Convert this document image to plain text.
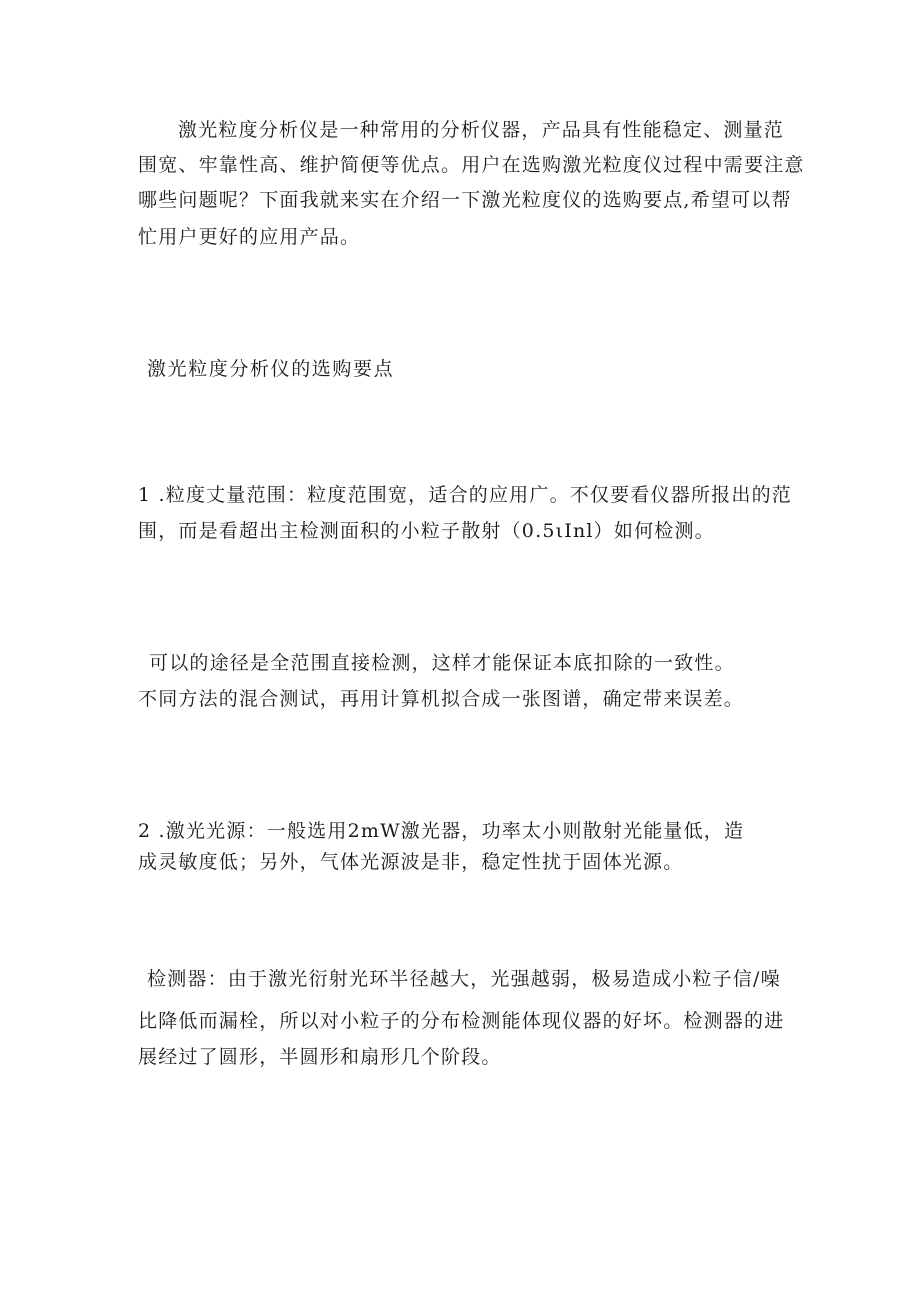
激光粒度分析仪是一种常用的分析仪器，产品具有性能稳定、测量范
围宽、牢靠性高、维护简便等优点。用户在选购激光粒度仪过程中需要注意
哪些问题呢？下面我就来实在介绍一下激光粒度仪的选购要点,希望可以帮
忙用户更好的应用产品。
激光粒度分析仪的选购要点
1 .粒度丈量范围：粒度范围宽，适合的应用广。不仅要看仪器所报出的范
围，而是看超出主检测面积的小粒子散射（0.5ιInl）如何检测。
可以的途径是全范围直接检测，这样才能保证本底扣除的一致性。
不同方法的混合测试，再用计算机拟合成一张图谱，确定带来误差。
2 .激光光源：一般选用2mW激光器，功率太小则散射光能量低，造
成灵敏度低；另外，气体光源波是非，稳定性扰于固体光源。
检测器：由于激光衍射光环半径越大，光强越弱，极易造成小粒子信/噪
比降低而漏栓，所以对小粒子的分布检测能体现仪器的好坏。检测器的进
展经过了圆形，半圆形和扇形几个阶段。
